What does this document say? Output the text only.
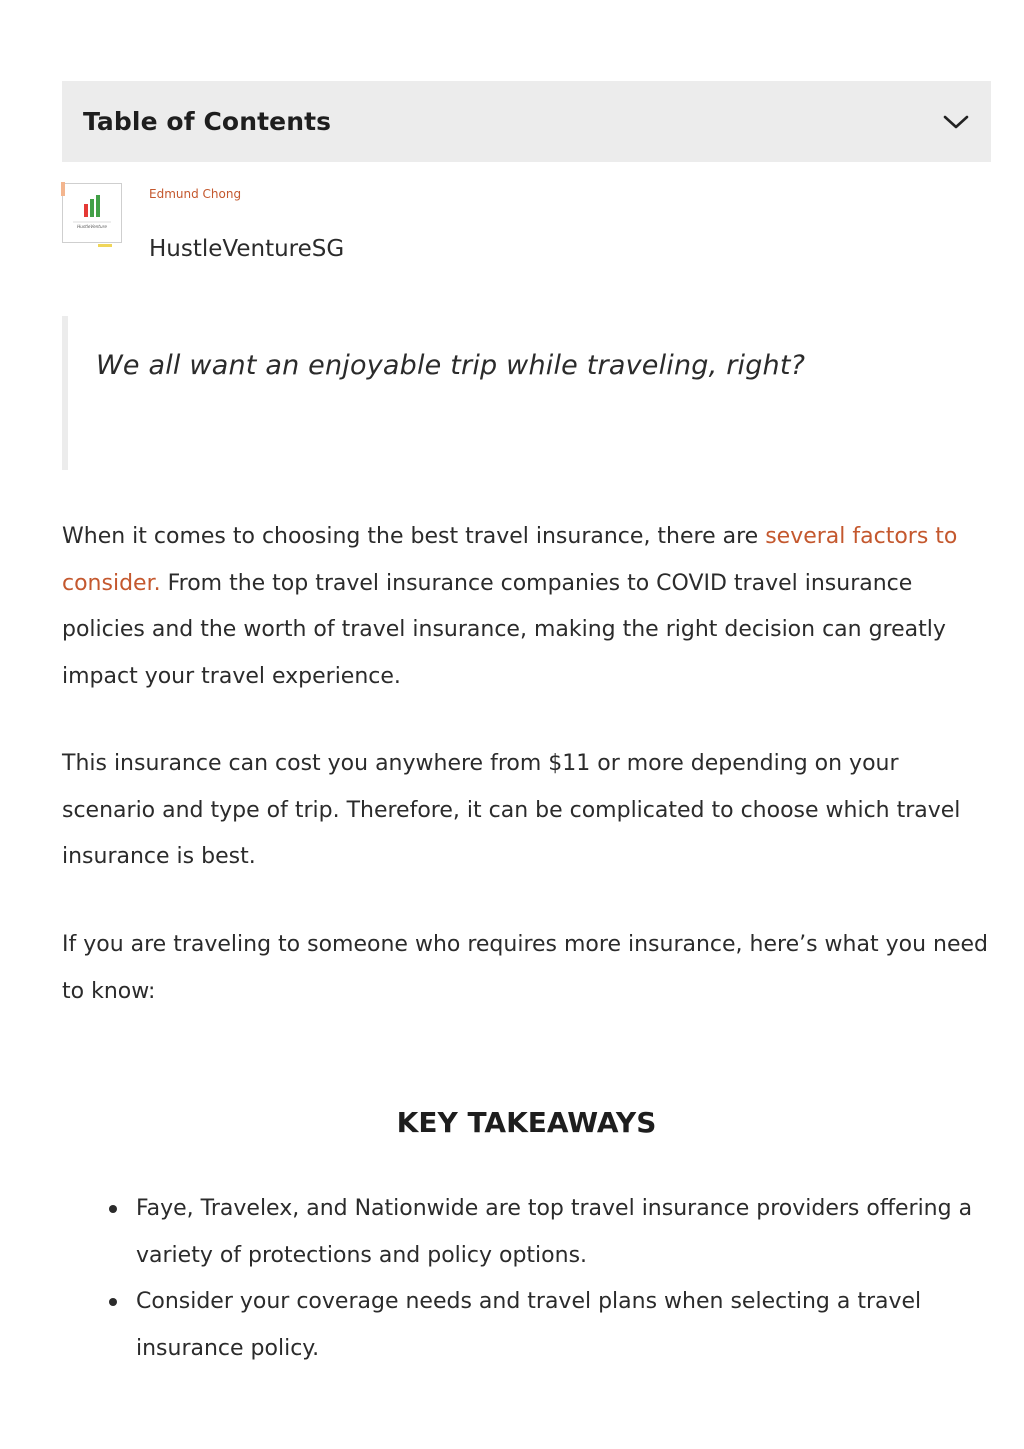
Table of Contents
HustleVenture
Edmund Chong
HustleVentureSG
We all want an enjoyable trip while traveling, right?

When it comes to choosing the best travel insurance, there are several factors to consider. From the top travel insurance companies to COVID travel insurance policies and the worth of travel insurance, making the right decision can greatly impact your travel experience.

This insurance can cost you anywhere from $11 or more depending on your scenario and type of trip. Therefore, it can be complicated to choose which travel insurance is best.

If you are traveling to someone who requires more insurance, here’s what you need to know:

KEY TAKEAWAYS
Faye, Travelex, and Nationwide are top travel insurance providers offering a variety of protections and policy options.
Consider your coverage needs and travel plans when selecting a travel insurance policy.
